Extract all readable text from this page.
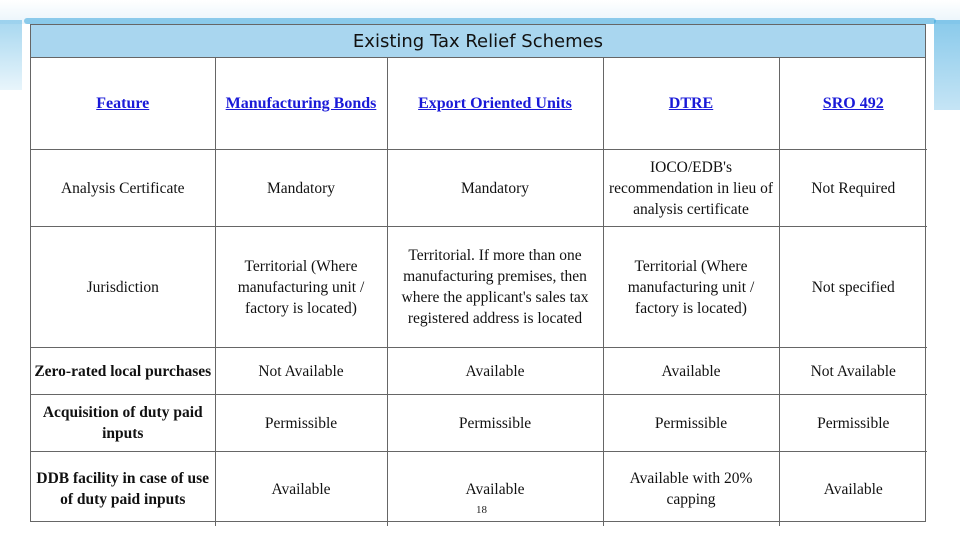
Existing Tax Relief Schemes
Feature	Manufacturing Bonds	Export Oriented Units	DTRE	SRO 492
Analysis Certificate	Mandatory	Mandatory	IOCO/EDB's recommendation in lieu of analysis certificate	Not Required
Jurisdiction	Territorial (Where manufacturing unit / factory is located)	Territorial. If more than one manufacturing premises, then where the applicant's sales tax registered address is located	Territorial (Where manufacturing unit / factory is located)	Not specified
Zero-rated local purchases	Not Available	Available	Available	Not Available
Acquisition of duty paid inputs	Permissible	Permissible	Permissible	Permissible
DDB facility in case of use of duty paid inputs	Available	Available	Available with 20% capping	Available
18
